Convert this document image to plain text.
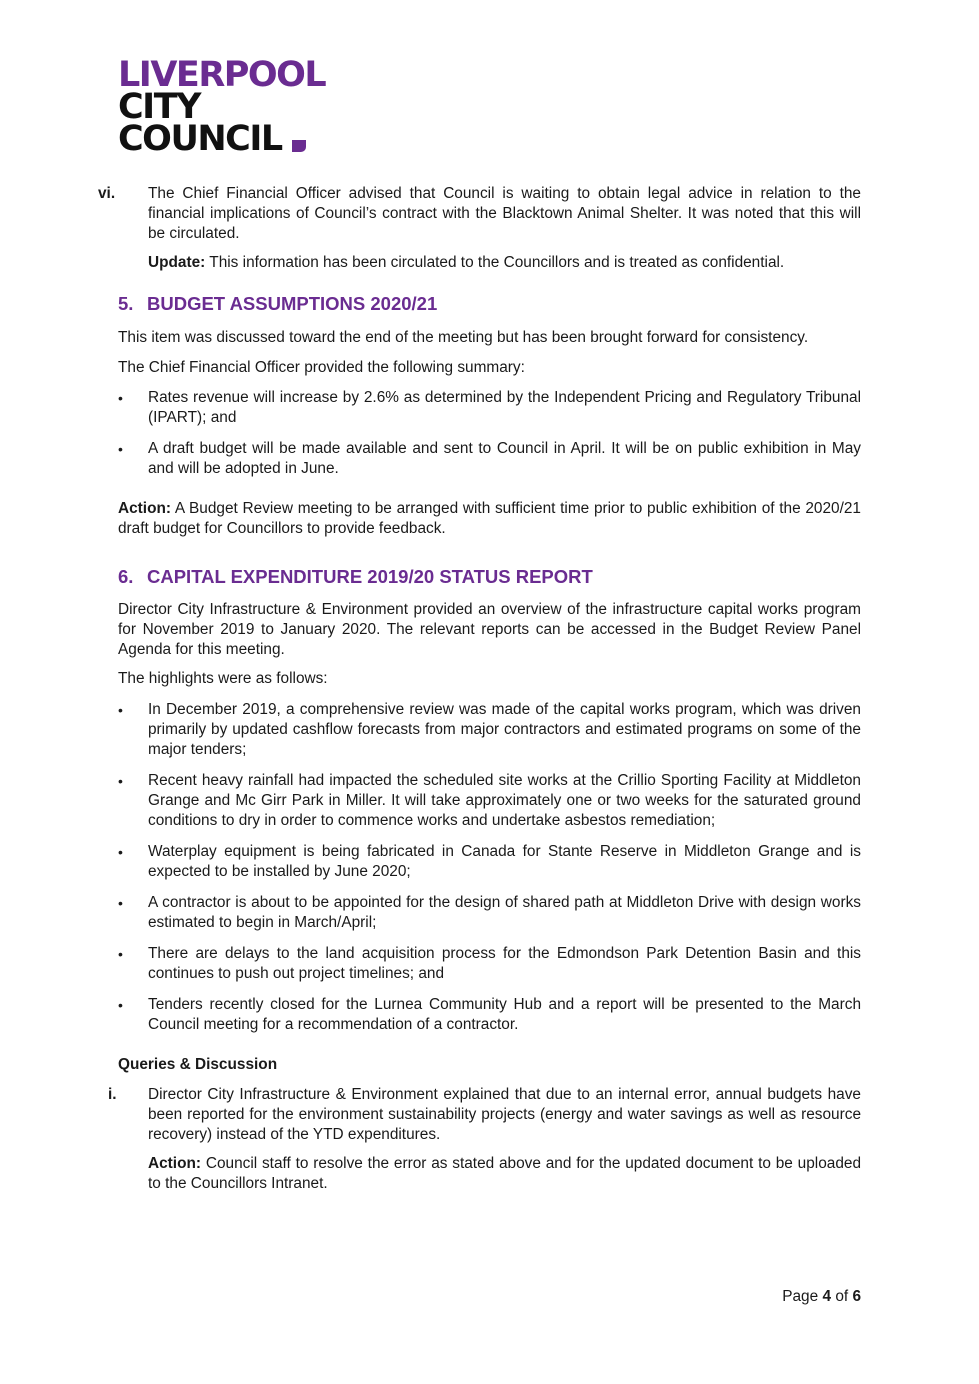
LIVERPOOL
CITY
COUNCIL
vi. The Chief Financial Officer advised that Council is waiting to obtain legal advice in relation to the financial implications of Council’s contract with the Blacktown Animal Shelter. It was noted that this will be circulated.

Update: This information has been circulated to the Councillors and is treated as confidential.

5. BUDGET ASSUMPTIONS 2020/21

This item was discussed toward the end of the meeting but has been brought forward for consistency.

The Chief Financial Officer provided the following summary:

• Rates revenue will increase by 2.6% as determined by the Independent Pricing and Regulatory Tribunal (IPART); and
• A draft budget will be made available and sent to Council in April. It will be on public exhibition in May and will be adopted in June.

Action: A Budget Review meeting to be arranged with sufficient time prior to public exhibition of the 2020/21 draft budget for Councillors to provide feedback.

6. CAPITAL EXPENDITURE 2019/20 STATUS REPORT

Director City Infrastructure & Environment provided an overview of the infrastructure capital works program for November 2019 to January 2020. The relevant reports can be accessed in the Budget Review Panel Agenda for this meeting.

The highlights were as follows:

• In December 2019, a comprehensive review was made of the capital works program, which was driven primarily by updated cashflow forecasts from major contractors and estimated programs on some of the major tenders;
• Recent heavy rainfall had impacted the scheduled site works at the Crillio Sporting Facility at Middleton Grange and Mc Girr Park in Miller. It will take approximately one or two weeks for the saturated ground conditions to dry in order to commence works and undertake asbestos remediation;
• Waterplay equipment is being fabricated in Canada for Stante Reserve in Middleton Grange and is expected to be installed by June 2020;
• A contractor is about to be appointed for the design of shared path at Middleton Drive with design works estimated to begin in March/April;
• There are delays to the land acquisition process for the Edmondson Park Detention Basin and this continues to push out project timelines; and
• Tenders recently closed for the Lurnea Community Hub and a report will be presented to the March Council meeting for a recommendation of a contractor.

Queries & Discussion

i. Director City Infrastructure & Environment explained that due to an internal error, annual budgets have been reported for the environment sustainability projects (energy and water savings as well as resource recovery) instead of the YTD expenditures.

Action: Council staff to resolve the error as stated above and for the updated document to be uploaded to the Councillors Intranet.

Page 4 of 6
